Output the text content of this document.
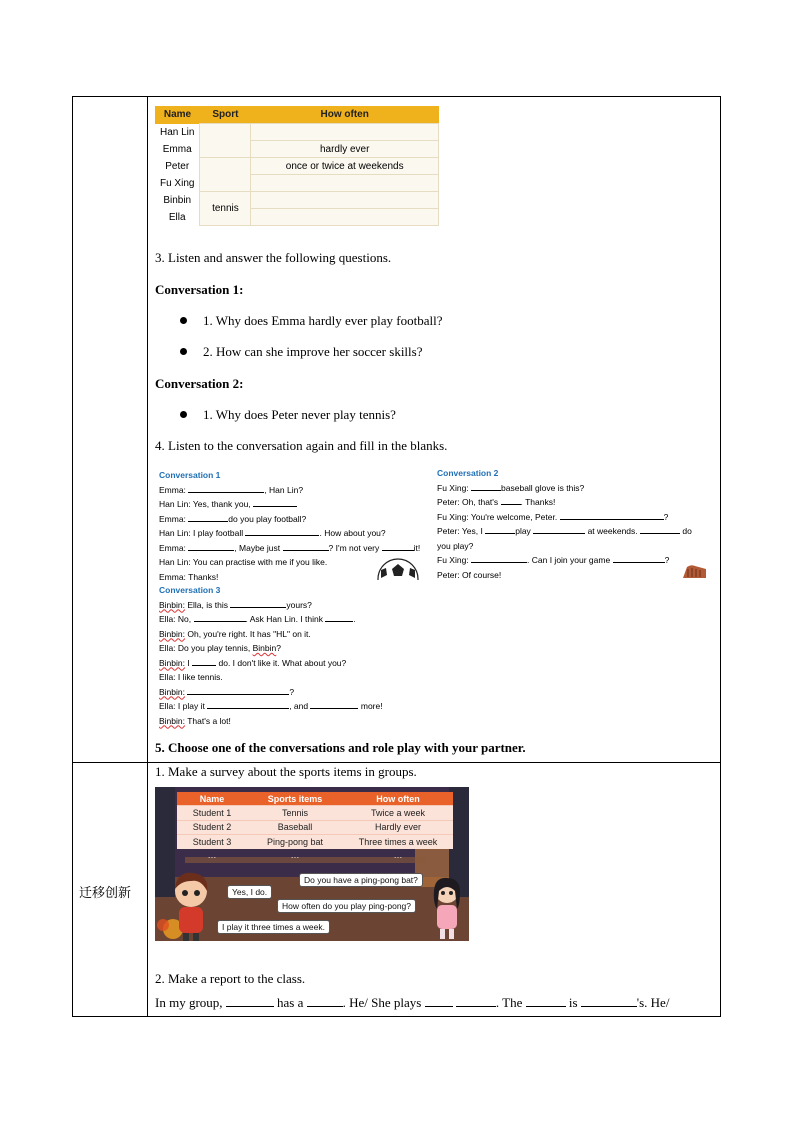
Name	Sport	How often
Han Lin		
Emma		hardly ever
Peter		once or twice at weekends
Fu Xing		
Binbin	tennis	
Ella		
3. Listen and answer the following questions.
Conversation 1:
1. Why does Emma hardly ever play football?
2. How can she improve her soccer skills?
Conversation 2:
1. Why does Peter never play tennis?
4. Listen to the conversation again and fill in the blanks.
Conversation 1
Emma:	, Han Lin?
Han Lin: Yes, thank you,
Emma:	do you play football?
Han Lin: I play football	. How about you?
Emma:	, Maybe just	? I'm not very	it!
Han Lin: You can practise with me if you like.
Emma: Thanks!
Conversation 2
Fu Xing:	baseball glove is this?
Peter: Oh, that's	. Thanks!
Fu Xing: You're welcome, Peter.	?
Peter: Yes, I	play	at weekends.	do
you play?
Fu Xing:	. Can I join your game	?
Peter: Of course!
Conversation 3
Binbin: Ella, is this	yours?
Ella: No,	. Ask Han Lin. I think	.
Binbin: Oh, you're right. It has "HL" on it.
Ella: Do you play tennis, Binbin?
Binbin: I	do. I don't like it. What about you?
Ella: I like tennis.
Binbin:	?
Ella: I play it	, and	more!
Binbin: That's a lot!
5. Choose one of the conversations and role play with your partner.
迁移创新
1. Make a survey about the sports items in groups.
Name	Sports items	How often
Student 1	Tennis	Twice a week
Student 2	Baseball	Hardly ever
Student 3	Ping-pong bat	Three times a week
…	…	…
Do you have a ping-pong bat?
Yes, I do.
How often do you play ping-pong?
I play it three times a week.
2. Make a report to the class.
In my group,	has a	. He/ She plays	. The	is	's. He/
